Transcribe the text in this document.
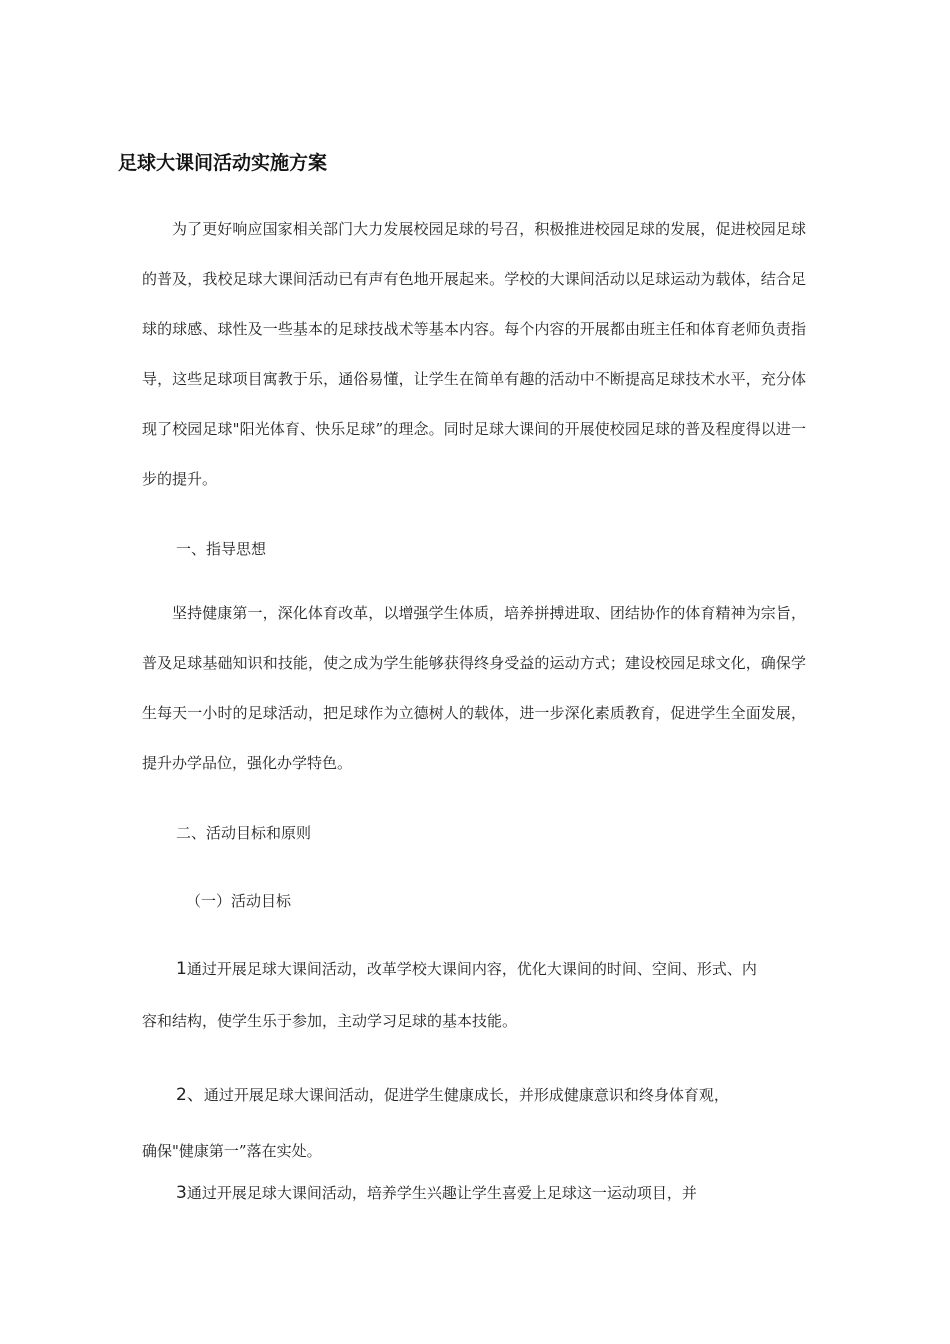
足球大课间活动实施方案

为了更好响应国家相关部门大力发展校园足球的号召，积极推进校园足球的发展，促进校园足球的普及，我校足球大课间活动已有声有色地开展起来。学校的大课间活动以足球运动为载体，结合足球的球感、球性及一些基本的足球技战术等基本内容。每个内容的开展都由班主任和体育老师负责指导，这些足球项目寓教于乐，通俗易懂，让学生在简单有趣的活动中不断提高足球技术水平，充分体现了校园足球"阳光体育、快乐足球”的理念。同时足球大课间的开展使校园足球的普及程度得以进一步的提升。

一、指导思想

坚持健康第一，深化体育改革，以增强学生体质，培养拼搏进取、团结协作的体育精神为宗旨，普及足球基础知识和技能，使之成为学生能够获得终身受益的运动方式；建设校园足球文化，确保学生每天一小时的足球活动，把足球作为立德树人的载体，进一步深化素质教育，促进学生全面发展，提升办学品位，强化办学特色。

二、活动目标和原则

（一）活动目标

1通过开展足球大课间活动，改革学校大课间内容，优化大课间的时间、空间、形式、内
容和结构，使学生乐于参加，主动学习足球的基本技能。
2、通过开展足球大课间活动，促进学生健康成长，并形成健康意识和终身体育观，
确保"健康第一”落在实处。
3通过开展足球大课间活动，培养学生兴趣让学生喜爱上足球这一运动项目，并
